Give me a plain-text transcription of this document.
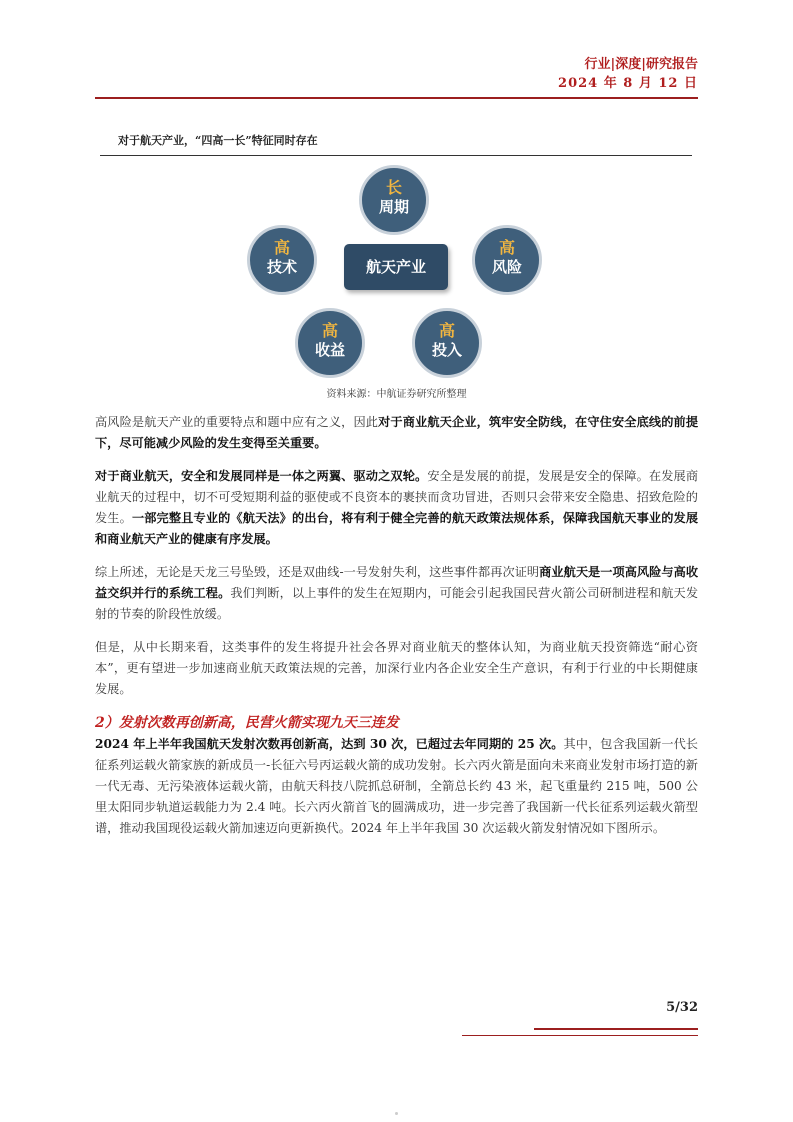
行业|深度|研究报告
2024 年 8 月 12 日
对于航天产业，“四高一长”特征同时存在
长
周期
高
技术
高
风险
高
收益
高
投入
航天产业
资料来源：中航证券研究所整理

高风险是航天产业的重要特点和题中应有之义，因此对于商业航天企业，筑牢安全防线，在守住安全底线的前提下，尽可能减少风险的发生变得至关重要。

对于商业航天，安全和发展同样是一体之两翼、驱动之双轮。安全是发展的前提，发展是安全的保障。在发展商业航天的过程中，切不可受短期利益的驱使或不良资本的裹挟而贪功冒进，否则只会带来安全隐患、招致危险的发生。一部完整且专业的《航天法》的出台，将有利于健全完善的航天政策法规体系，保障我国航天事业的发展和商业航天产业的健康有序发展。

综上所述，无论是天龙三号坠毁，还是双曲线-一号发射失利，这些事件都再次证明商业航天是一项高风险与高收益交织并行的系统工程。我们判断，以上事件的发生在短期内，可能会引起我国民营火箭公司研制进程和航天发射的节奏的阶段性放缓。

但是，从中长期来看，这类事件的发生将提升社会各界对商业航天的整体认知，为商业航天投资筛选“耐心资本”，更有望进一步加速商业航天政策法规的完善，加深行业内各企业安全生产意识，有利于行业的中长期健康发展。

2）发射次数再创新高，民营火箭实现九天三连发

2024 年上半年我国航天发射次数再创新高，达到 30 次，已超过去年同期的 25 次。其中，包含我国新一代长征系列运载火箭家族的新成员一-长征六号丙运载火箭的成功发射。长六丙火箭是面向未来商业发射市场打造的新一代无毒、无污染液体运载火箭，由航天科技八院抓总研制，全箭总长约 43 米，起飞重量约 215 吨，500 公里太阳同步轨道运载能力为 2.4 吨。长六丙火箭首飞的圆满成功，进一步完善了我国新一代长征系列运载火箭型谱，推动我国现役运载火箭加速迈向更新换代。2024 年上半年我国 30 次运载火箭发射情况如下图所示。

5/32
